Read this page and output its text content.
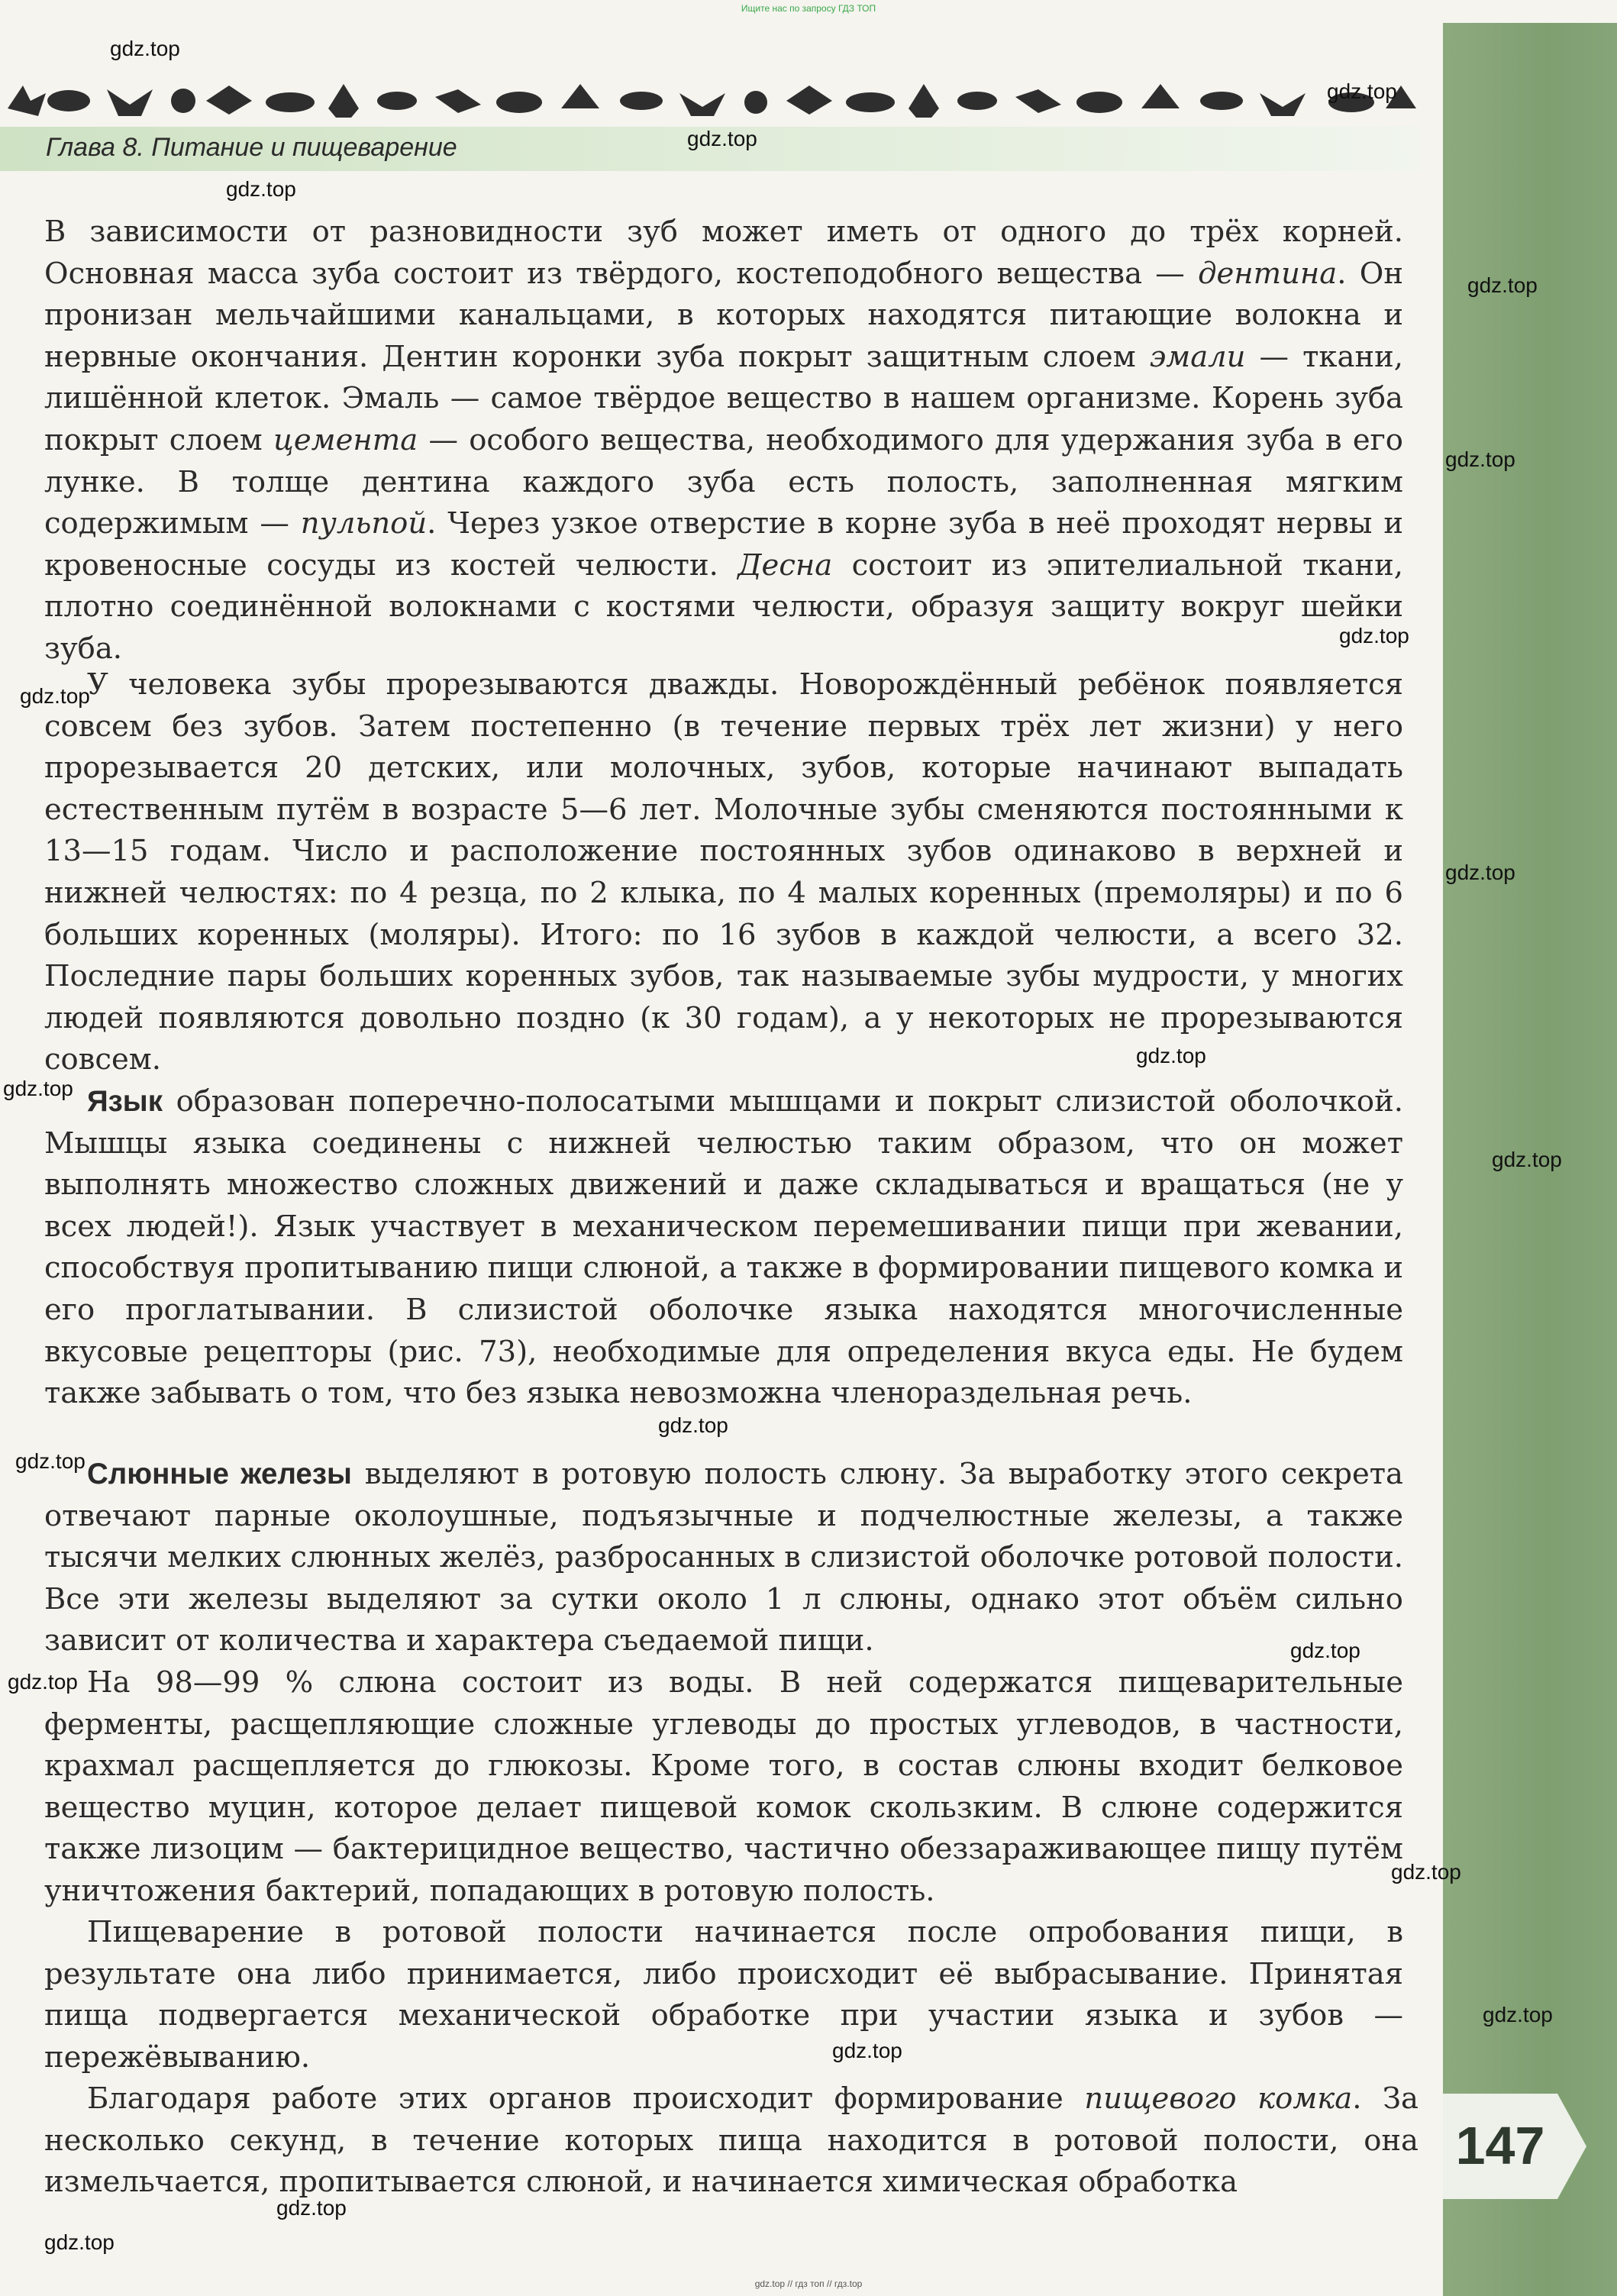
Ищите нас по запросу ГДЗ ТОП
147
Глава 8. Питание и пищеварение

В зависимости от разновидности зуб может иметь от одного до трёх корней. Основная масса зуба состоит из твёрдого, костеподобного вещества — дентина. Он пронизан мельчайшими канальцами, в которых находятся питающие волокна и нервные окончания. Дентин коронки зуба покрыт защитным слоем эмали — ткани, лишённой клеток. Эмаль — самое твёрдое вещество в нашем организме. Корень зуба покрыт слоем цемента — особого вещества, необходимого для удержания зуба в его лунке. В толще дентина каждого зуба есть полость, заполненная мягким содержимым — пульпой. Через узкое отверстие в корне зуба в неё проходят нервы и кровеносные сосуды из костей челюсти. Десна состоит из эпителиальной ткани, плотно соединённой волокнами с костями челюсти, образуя защиту вокруг шейки зуба.

У человека зубы прорезываются дважды. Новорождённый ребёнок появляется совсем без зубов. Затем постепенно (в течение первых трёх лет жизни) у него прорезывается 20 детских, или молочных, зубов, которые начинают выпадать естественным путём в возрасте 5—6 лет. Молочные зубы сменяются постоянными к 13—15 годам. Число и расположение постоянных зубов одинаково в верхней и нижней челюстях: по 4 резца, по 2 клыка, по 4 малых коренных (премоляры) и по 6 больших коренных (моляры). Итого: по 16 зубов в каждой челюсти, а всего 32. Последние пары больших коренных зубов, так называемые зубы мудрости, у многих людей появляются довольно поздно (к 30 годам), а у некоторых не прорезываются совсем.

Язык образован поперечно-полосатыми мышцами и покрыт слизистой оболочкой. Мышцы языка соединены с нижней челюстью таким образом, что он может выполнять множество сложных движений и даже складываться и вращаться (не у всех людей!). Язык участвует в механическом перемешивании пищи при жевании, способствуя пропитыванию пищи слюной, а также в формировании пищевого комка и его проглатывании. В слизистой оболочке языка находятся многочисленные вкусовые рецепторы (рис. 73), необходимые для определения вкуса еды. Не будем также забывать о том, что без языка невозможна членораздельная речь.

Слюнные железы выделяют в ротовую полость слюну. За выработку этого секрета отвечают парные околоушные, подъязычные и подчелюстные железы, а также тысячи мелких слюнных желёз, разбросанных в слизистой оболочке ротовой полости. Все эти железы выделяют за сутки около 1 л слюны, однако этот объём сильно зависит от количества и характера съедаемой пищи.

На 98—99 % слюна состоит из воды. В ней содержатся пищеварительные ферменты, расщепляющие сложные углеводы до простых углеводов, в частности, крахмал расщепляется до глюкозы. Кроме того, в состав слюны входит белковое вещество муцин, которое делает пищевой комок скользким. В слюне содержится также лизоцим — бактерицидное вещество, частично обеззараживающее пищу путём уничтожения бактерий, попадающих в ротовую полость.

Пищеварение в ротовой полости начинается после опробования пищи, в результате она либо принимается, либо происходит её выбрасывание. Принятая пища подвергается механической обработке при участии языка и зубов — пережёвыванию.

Благодаря работе этих органов происходит формирование пищевого комка. За несколько секунд, в течение которых пища находится в ротовой полости, она измельчается, пропитывается слюной, и начинается химическая обработка

gdz.top
gdz.top
gdz.top
gdz.top
gdz.top
gdz.top
gdz.top
gdz.top
gdz.top
gdz.top
gdz.top
gdz.top
gdz.top
gdz.top
gdz.top
gdz.top
gdz.top
gdz.top
gdz.top
gdz.top
gdz.top
gdz.top // гдз топ // гдз.top
